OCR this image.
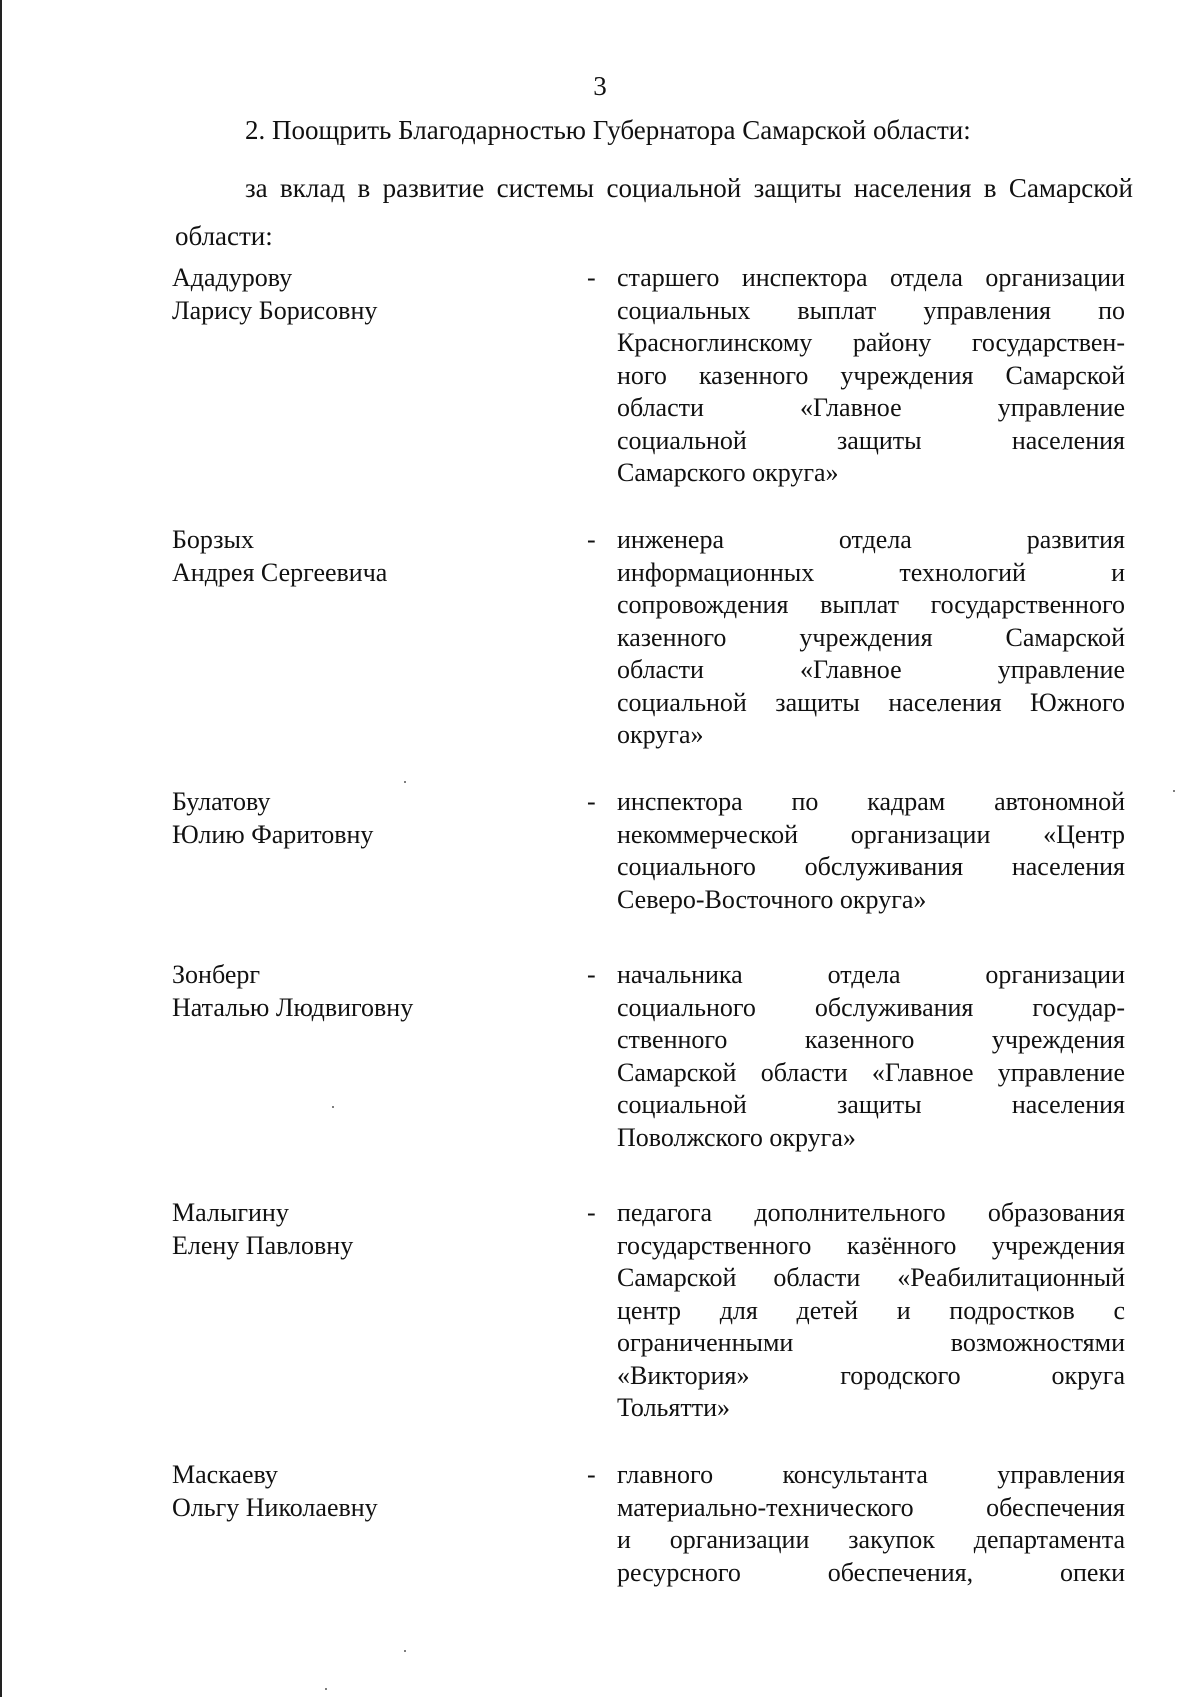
3
2. Поощрить Благодарностью Губернатора Самарской области:
за вклад в развитие системы социальной защиты населения в Самарской области:
Ададурову
Ларису Борисовну
- старшего инспектора отдела организации
социальных выплат управления по
Красноглинскому району государствен-
ного казенного учреждения Самарской
области «Главное управление
социальной защиты населения
Самарского округа»
Борзых
Андрея Сергеевича
- инженера отдела развития
информационных технологий и
сопровождения выплат государственного
казенного учреждения Самарской
области «Главное управление
социальной защиты населения Южного
округа»
Булатову
Юлию Фаритовну
- инспектора по кадрам автономной
некоммерческой организации «Центр
социального обслуживания населения
Северо-Восточного округа»
Зонберг
Наталью Людвиговну
- начальника отдела организации
социального обслуживания государ-
ственного казенного учреждения
Самарской области «Главное управление
социальной защиты населения
Поволжского округа»
Малыгину
Елену Павловну
- педагога дополнительного образования
государственного казённого учреждения
Самарской области «Реабилитационный
центр для детей и подростков с
ограниченными возможностями
«Виктория» городского округа
Тольятти»
Маскаеву
Ольгу Николаевну
- главного консультанта управления
материально-технического обеспечения
и организации закупок департамента
ресурсного обеспечения, опеки
